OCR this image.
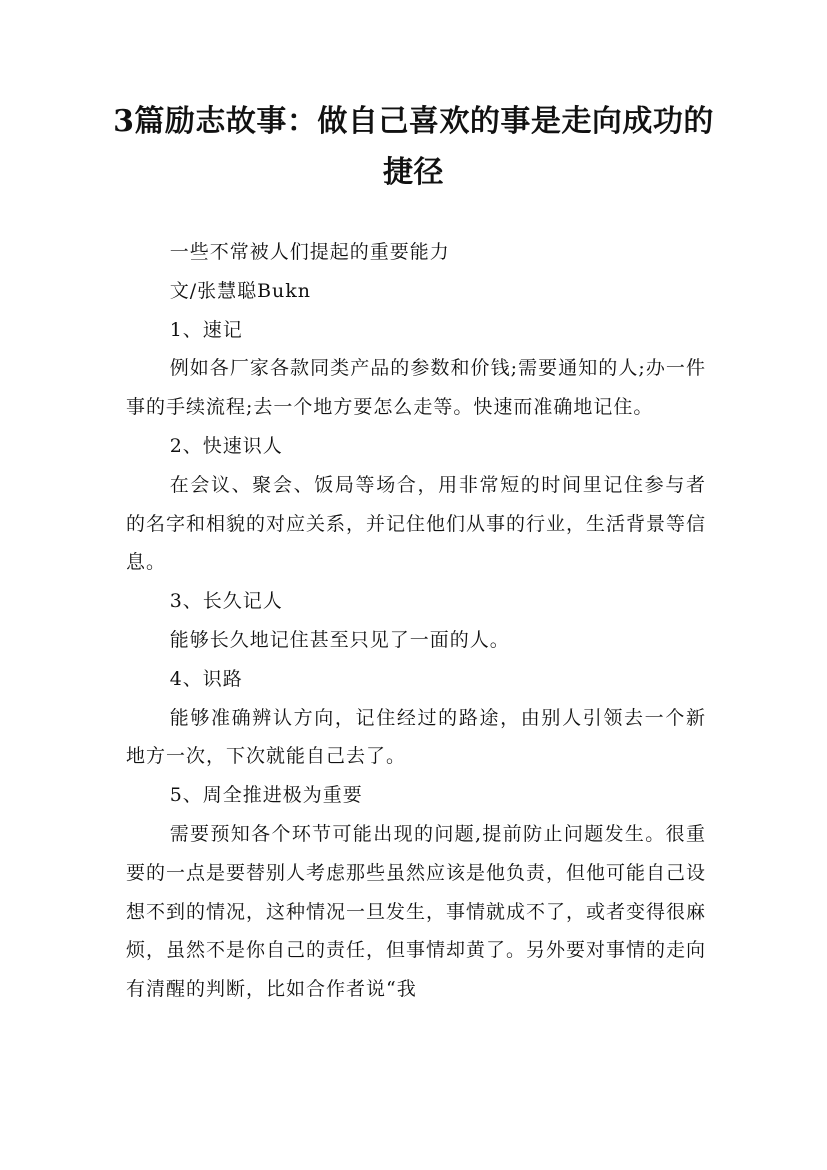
3篇励志故事：做自己喜欢的事是走向成功的捷径

一些不常被人们提起的重要能力

文/张慧聪Bukn

1、速记

例如各厂家各款同类产品的参数和价钱;需要通知的人;办一件事的手续流程;去一个地方要怎么走等。快速而准确地记住。

2、快速识人

在会议、聚会、饭局等场合，用非常短的时间里记住参与者的名字和相貌的对应关系，并记住他们从事的行业，生活背景等信息。

3、长久记人

能够长久地记住甚至只见了一面的人。

4、识路

能够准确辨认方向，记住经过的路途，由别人引领去一个新地方一次，下次就能自己去了。

5、周全推进极为重要

需要预知各个环节可能出现的问题,提前防止问题发生。很重要的一点是要替别人考虑那些虽然应该是他负责，但他可能自己设想不到的情况，这种情况一旦发生，事情就成不了，或者变得很麻烦，虽然不是你自己的责任，但事情却黄了。另外要对事情的走向有清醒的判断，比如合作者说“我
